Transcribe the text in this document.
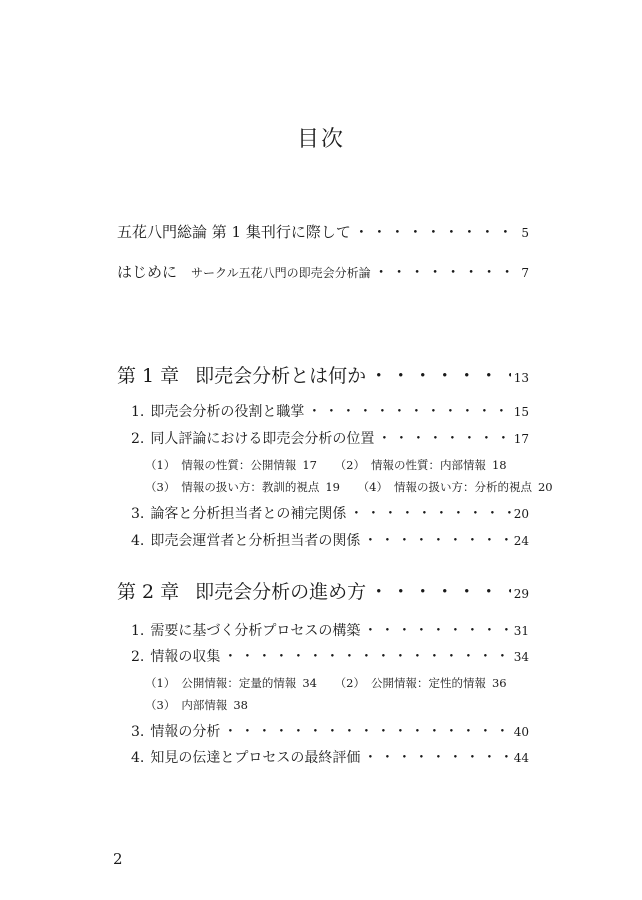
目次
五花八門総論 第 1 集刊行に際して ・・・・・・・・・・・・・・・・・・・・・・・・・・・・・・・・・・・・・・・・・・・・・・・・・・・・・・・・・・	5
はじめに サークル五花八門の即売会分析論 ・・・・・・・・・・・・・・・・・・・・・・・・・・・・・・・・・・・・・・・・・・・・・・・・・・・・・・・・・・	7
第 1 章 即売会分析とは何か ・・・・・・・・・・・・・・・・・・・・・・・・・・・・・・・・・・・・・・・・・・・・・・・・・・・・・・・・・・	13
1. 即売会分析の役割と職掌 ・・・・・・・・・・・・・・・・・・・・・・・・・・・・・・・・・・・・・・・・・・・・・・・・・・・・・・・・・・	15
2. 同人評論における即売会分析の位置 ・・・・・・・・・・・・・・・・・・・・・・・・・・・・・・・・・・・・・・・・・・・・・・・・・・・・・・・・・・	17
（1） 情報の性質：公開情報 17 （2） 情報の性質：内部情報 18
（3） 情報の扱い方：教訓的視点 19 （4） 情報の扱い方：分析的視点 20
3. 論客と分析担当者との補完関係 ・・・・・・・・・・・・・・・・・・・・・・・・・・・・・・・・・・・・・・・・・・・・・・・・・・・・・・・・・・	20
4. 即売会運営者と分析担当者の関係 ・・・・・・・・・・・・・・・・・・・・・・・・・・・・・・・・・・・・・・・・・・・・・・・・・・・・・・・・・・	24
第 2 章 即売会分析の進め方 ・・・・・・・・・・・・・・・・・・・・・・・・・・・・・・・・・・・・・・・・・・・・・・・・・・・・・・・・・・	29
1. 需要に基づく分析プロセスの構築 ・・・・・・・・・・・・・・・・・・・・・・・・・・・・・・・・・・・・・・・・・・・・・・・・・・・・・・・・・・	31
2. 情報の収集 ・・・・・・・・・・・・・・・・・・・・・・・・・・・・・・・・・・・・・・・・・・・・・・・・・・・・・・・・・・	34
（1） 公開情報：定量的情報 34 （2） 公開情報：定性的情報 36
（3） 内部情報 38
3. 情報の分析 ・・・・・・・・・・・・・・・・・・・・・・・・・・・・・・・・・・・・・・・・・・・・・・・・・・・・・・・・・・	40
4. 知見の伝達とプロセスの最終評価 ・・・・・・・・・・・・・・・・・・・・・・・・・・・・・・・・・・・・・・・・・・・・・・・・・・・・・・・・・・	44
2
